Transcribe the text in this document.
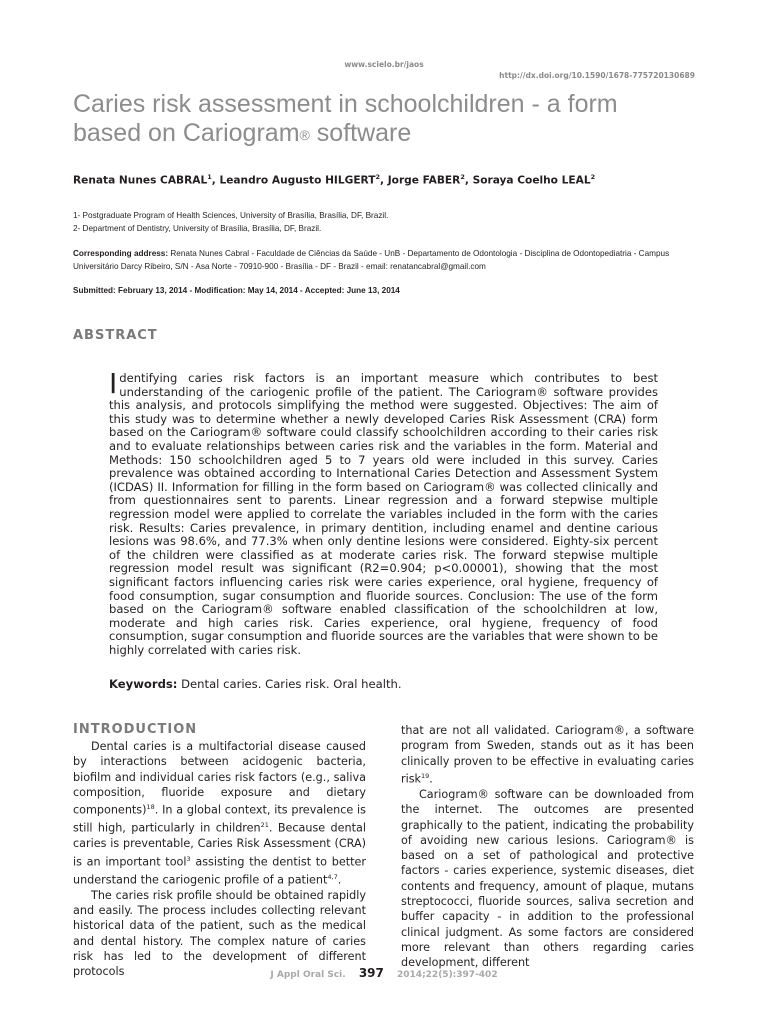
www.scielo.br/jaos
http://dx.doi.org/10.1590/1678-775720130689
Caries risk assessment in schoolchildren - a form
based on Cariogram® software
Renata Nunes CABRAL$^1$, Leandro Augusto HILGERT$^2$, Jorge FABER$^2$, Soraya Coelho LEAL$^2$
1- Postgraduate Program of Health Sciences, University of Brasília, Brasília, DF, Brazil.
2- Department of Dentistry, University of Brasília, Brasília, DF, Brazil.
Corresponding address: Renata Nunes Cabral - Faculdade de Ciências da Saúde - UnB - Departamento de Odontologia - Disciplina de Odontopediatria - Campus Universitário Darcy Ribeiro, S/N - Asa Norte - 70910-900 - Brasília - DF - Brazil - email: renatancabral@gmail.com
Submitted: February 13, 2014 - Modification: May 14, 2014 - Accepted: June 13, 2014
ABSTRACT
Identifying caries risk factors is an important measure which contributes to best understanding of the cariogenic profile of the patient. The Cariogram® software provides this analysis, and protocols simplifying the method were suggested. Objectives: The aim of this study was to determine whether a newly developed Caries Risk Assessment (CRA) form based on the Cariogram® software could classify schoolchildren according to their caries risk and to evaluate relationships between caries risk and the variables in the form. Material and Methods: 150 schoolchildren aged 5 to 7 years old were included in this survey. Caries prevalence was obtained according to International Caries Detection and Assessment System (ICDAS) II. Information for filling in the form based on Cariogram® was collected clinically and from questionnaires sent to parents. Linear regression and a forward stepwise multiple regression model were applied to correlate the variables included in the form with the caries risk. Results: Caries prevalence, in primary dentition, including enamel and dentine carious lesions was 98.6%, and 77.3% when only dentine lesions were considered. Eighty-six percent of the children were classified as at moderate caries risk. The forward stepwise multiple regression model result was significant (R2=0.904; p<0.00001), showing that the most significant factors influencing caries risk were caries experience, oral hygiene, frequency of food consumption, sugar consumption and fluoride sources. Conclusion: The use of the form based on the Cariogram® software enabled classification of the schoolchildren at low, moderate and high caries risk. Caries experience, oral hygiene, frequency of food consumption, sugar consumption and fluoride sources are the variables that were shown to be highly correlated with caries risk.
Keywords: Dental caries. Caries risk. Oral health.
INTRODUCTION

Dental caries is a multifactorial disease caused by interactions between acidogenic bacteria, biofilm and individual caries risk factors (e.g., saliva composition, fluoride exposure and dietary components)$^{18}$. In a global context, its prevalence is still high, particularly in children$^{21}$. Because dental caries is preventable, Caries Risk Assessment (CRA) is an important tool$^3$ assisting the dentist to better understand the cariogenic profile of a patient$^{4,7}$.

The caries risk profile should be obtained rapidly and easily. The process includes collecting relevant historical data of the patient, such as the medical and dental history. The complex nature of caries risk has led to the development of different protocols

that are not all validated. Cariogram®, a software program from Sweden, stands out as it has been clinically proven to be effective in evaluating caries risk$^{19}$.

Cariogram® software can be downloaded from the internet. The outcomes are presented graphically to the patient, indicating the probability of avoiding new carious lesions. Cariogram® is based on a set of pathological and protective factors - caries experience, systemic diseases, diet contents and frequency, amount of plaque, mutans streptococci, fluoride sources, saliva secretion and buffer capacity - in addition to the professional clinical judgment. As some factors are considered more relevant than others regarding caries development, different

J Appl Oral Sci. 397 2014;22(5):397-402
